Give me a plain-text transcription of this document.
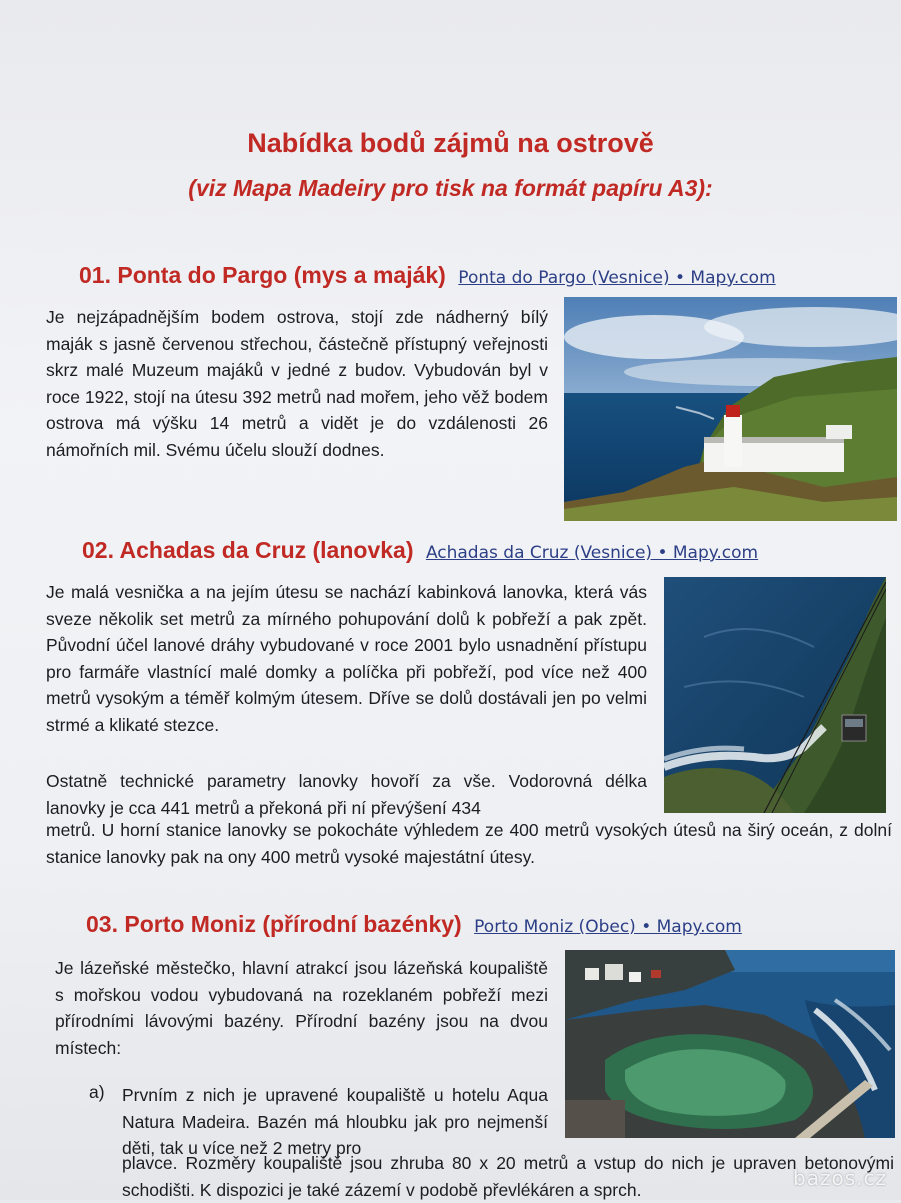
Nabídka bodů zájmů na ostrově
(viz Mapa Madeiry pro tisk na formát papíru A3):
01. Ponta do Pargo (mys a maják) Ponta do Pargo (Vesnice) • Mapy.com
Je nejzápadnějším bodem ostrova, stojí zde nádherný bílý maják s jasně červenou střechou, částečně přístupný veřejnosti skrz malé Muzeum majáků v jedné z budov. Vybudován byl v roce 1922, stojí na útesu 392 metrů nad mořem, jeho věž bodem ostrova má výšku 14 metrů a vidět je do vzdálenosti 26 námořních mil. Svému účelu slouží dodnes.
02. Achadas da Cruz (lanovka) Achadas da Cruz (Vesnice) • Mapy.com
Je malá vesnička a na jejím útesu se nachází kabinková lanovka, která vás sveze několik set metrů za mírného pohupování dolů k pobřeží a pak zpět. Původní účel lanové dráhy vybudované v roce 2001 bylo usnadnění přístupu pro farmáře vlastnící malé domky a políčka při pobřeží, pod více než 400 metrů vysokým a téměř kolmým útesem. Dříve se dolů dostávali jen po velmi strmé a klikaté stezce.
Ostatně technické parametry lanovky hovoří za vše. Vodorovná délka lanovky je cca 441 metrů a překoná při ní převýšení 434
metrů. U horní stanice lanovky se pokocháte výhledem ze 400 metrů vysokých útesů na širý oceán, z dolní stanice lanovky pak na ony 400 metrů vysoké majestátní útesy.
03. Porto Moniz (přírodní bazénky) Porto Moniz (Obec) • Mapy.com
Je lázeňské městečko, hlavní atrakcí jsou lázeňská koupaliště s mořskou vodou vybudovaná na rozeklaném pobřeží mezi přírodními lávovými bazény. Přírodní bazény jsou na dvou místech:
a) Prvním z nich je upravené koupaliště u hotelu Aqua Natura Madeira. Bazén má hloubku jak pro nejmenší děti, tak u více než 2 metry pro
plavce. Rozměry koupaliště jsou zhruba 80 x 20 metrů a vstup do nich je upraven betonovými schodišti. K dispozici je také zázemí v podobě převlékáren a sprch.	bazos.cz
